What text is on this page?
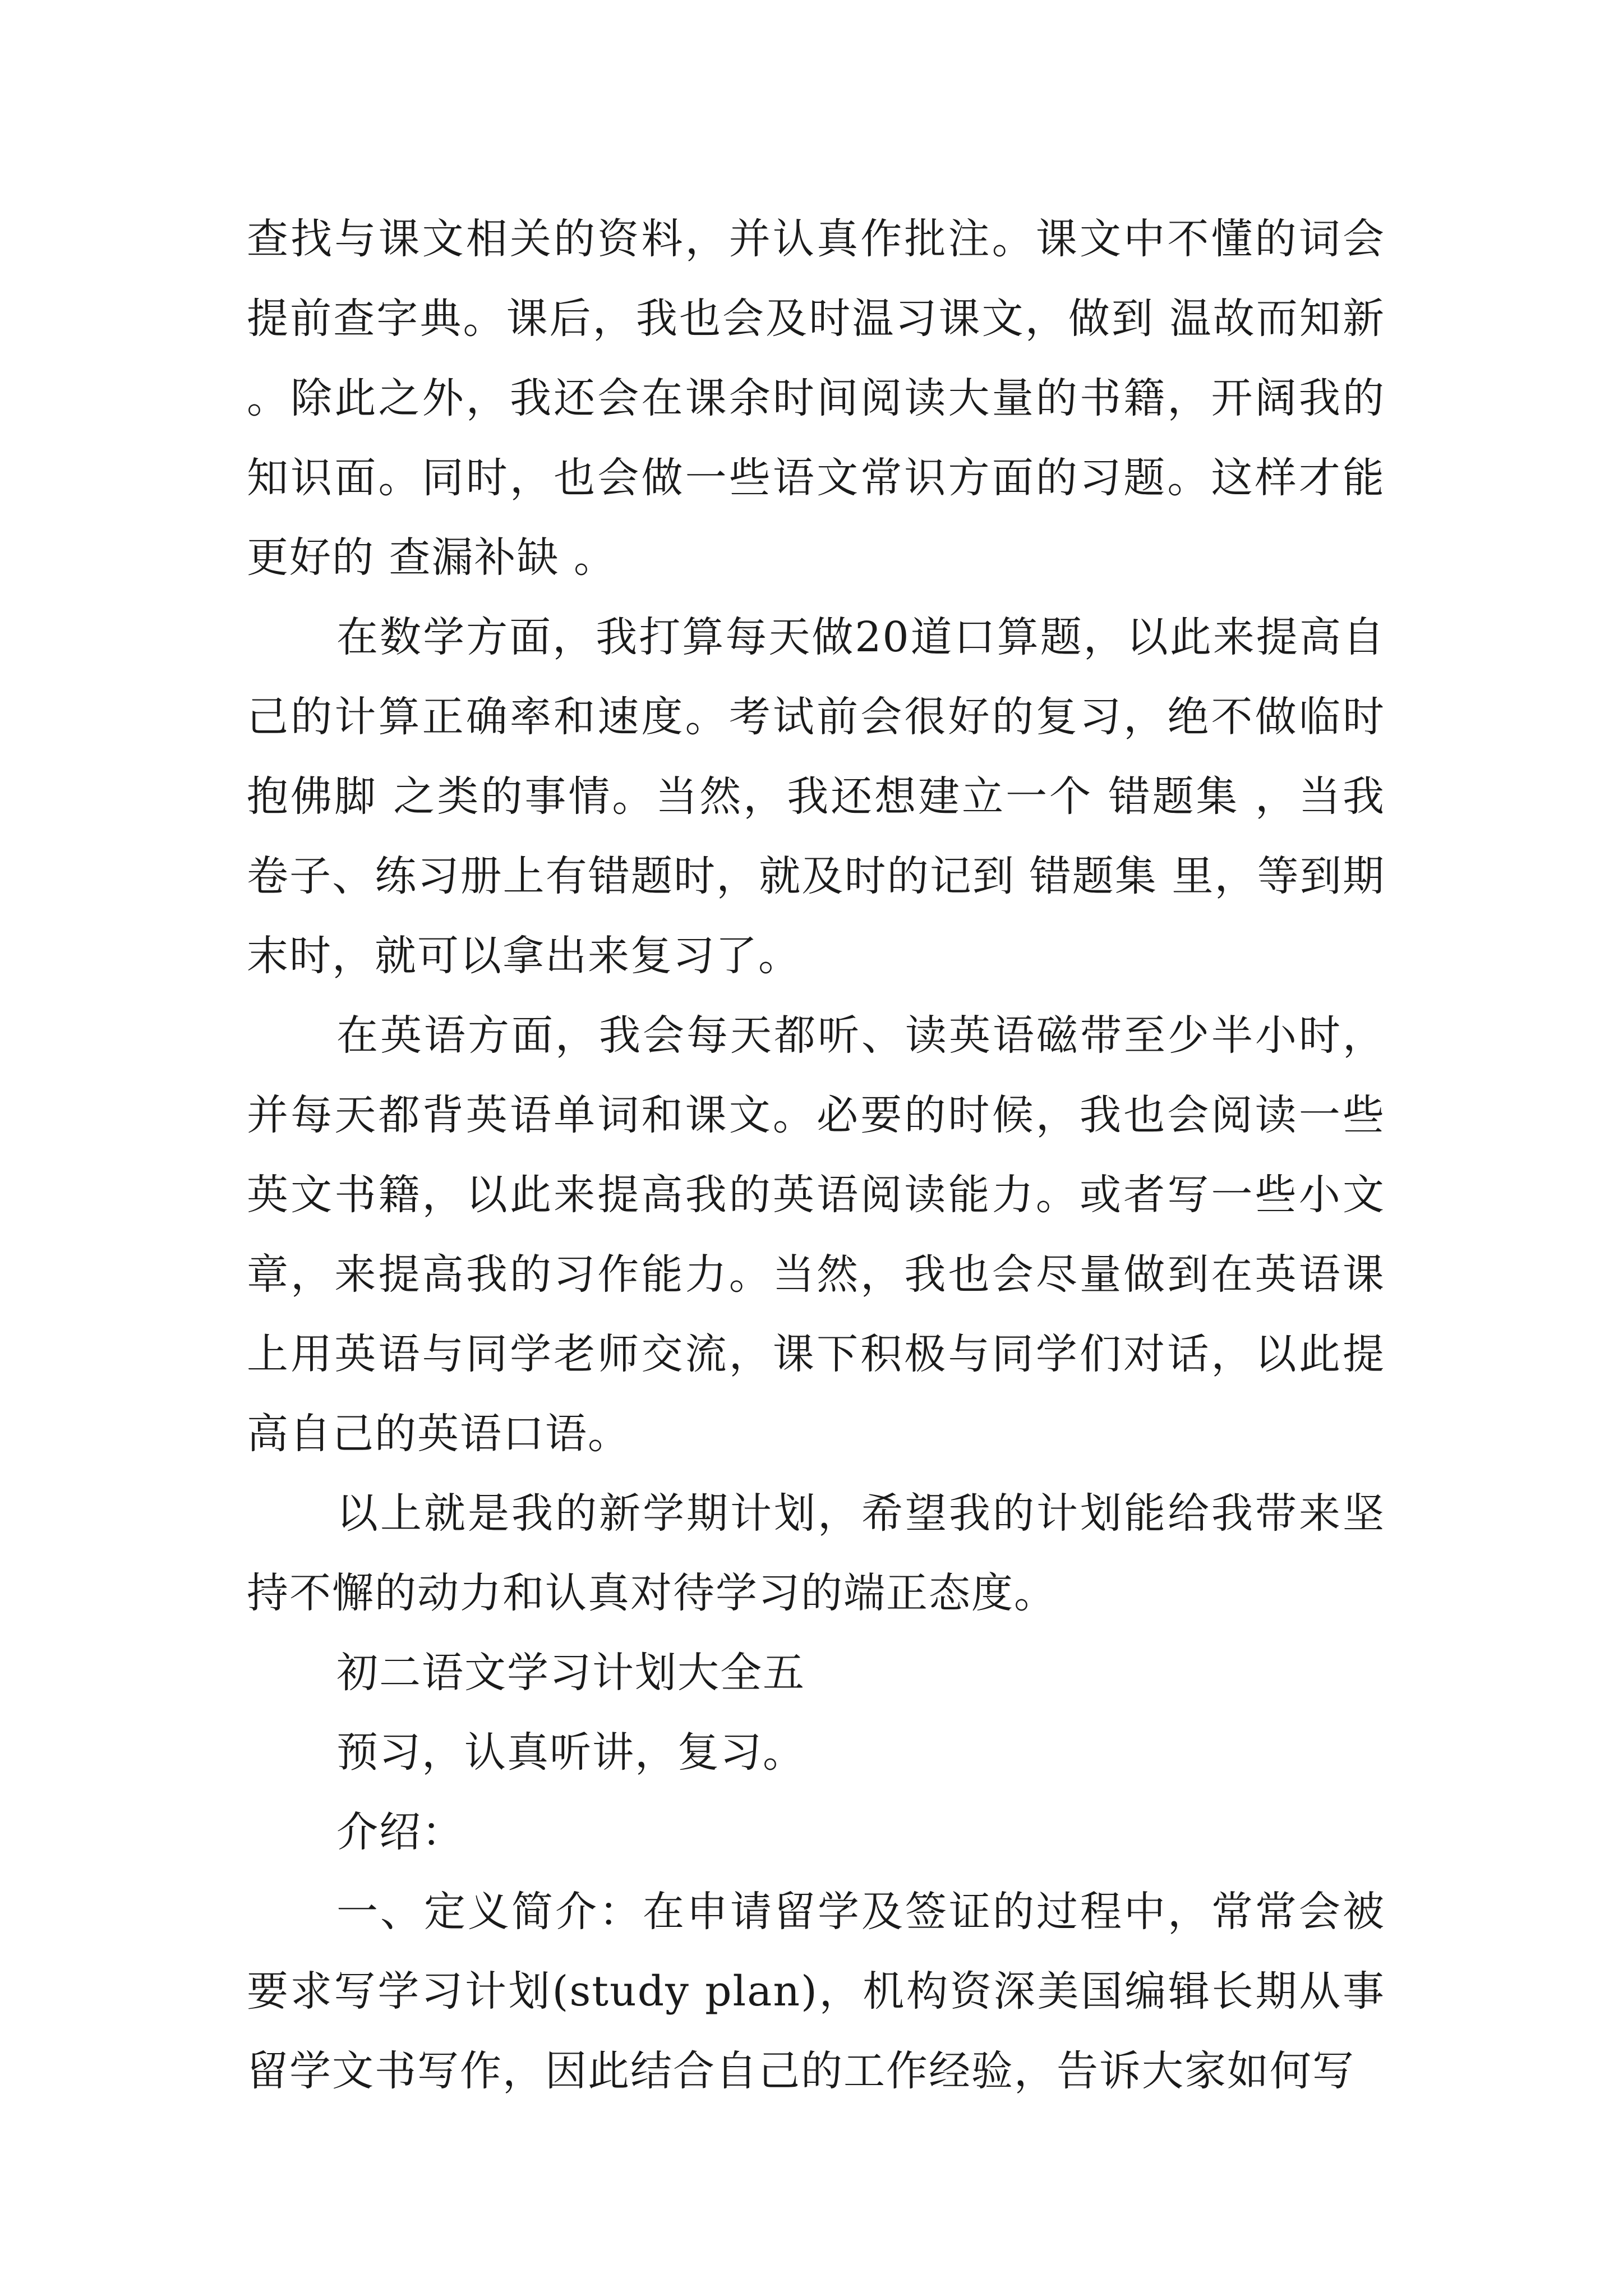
查找与课文相关的资料，并认真作批注。课文中不懂的词会提前查字典。课后，我也会及时温习课文，做到 温故而知新 。除此之外，我还会在课余时间阅读大量的书籍，开阔我的知识面。同时，也会做一些语文常识方面的习题。这样才能更好的 查漏补缺 。

在数学方面，我打算每天做20道口算题，以此来提高自己的计算正确率和速度。考试前会很好的复习，绝不做临时抱佛脚 之类的事情。当然，我还想建立一个 错题集 ，当我卷子、练习册上有错题时，就及时的记到 错题集 里，等到期末时，就可以拿出来复习了。

在英语方面，我会每天都听、读英语磁带至少半小时，并每天都背英语单词和课文。必要的时候，我也会阅读一些英文书籍，以此来提高我的英语阅读能力。或者写一些小文章，来提高我的习作能力。当然，我也会尽量做到在英语课上用英语与同学老师交流，课下积极与同学们对话，以此提高自己的英语口语。

以上就是我的新学期计划，希望我的计划能给我带来坚持不懈的动力和认真对待学习的端正态度。

初二语文学习计划大全五

预习，认真听讲，复习。

介绍：

一、定义简介：在申请留学及签证的过程中，常常会被要求写学习计划(study plan)，机构资深美国编辑长期从事留学文书写作，因此结合自己的工作经验，告诉大家如何写
